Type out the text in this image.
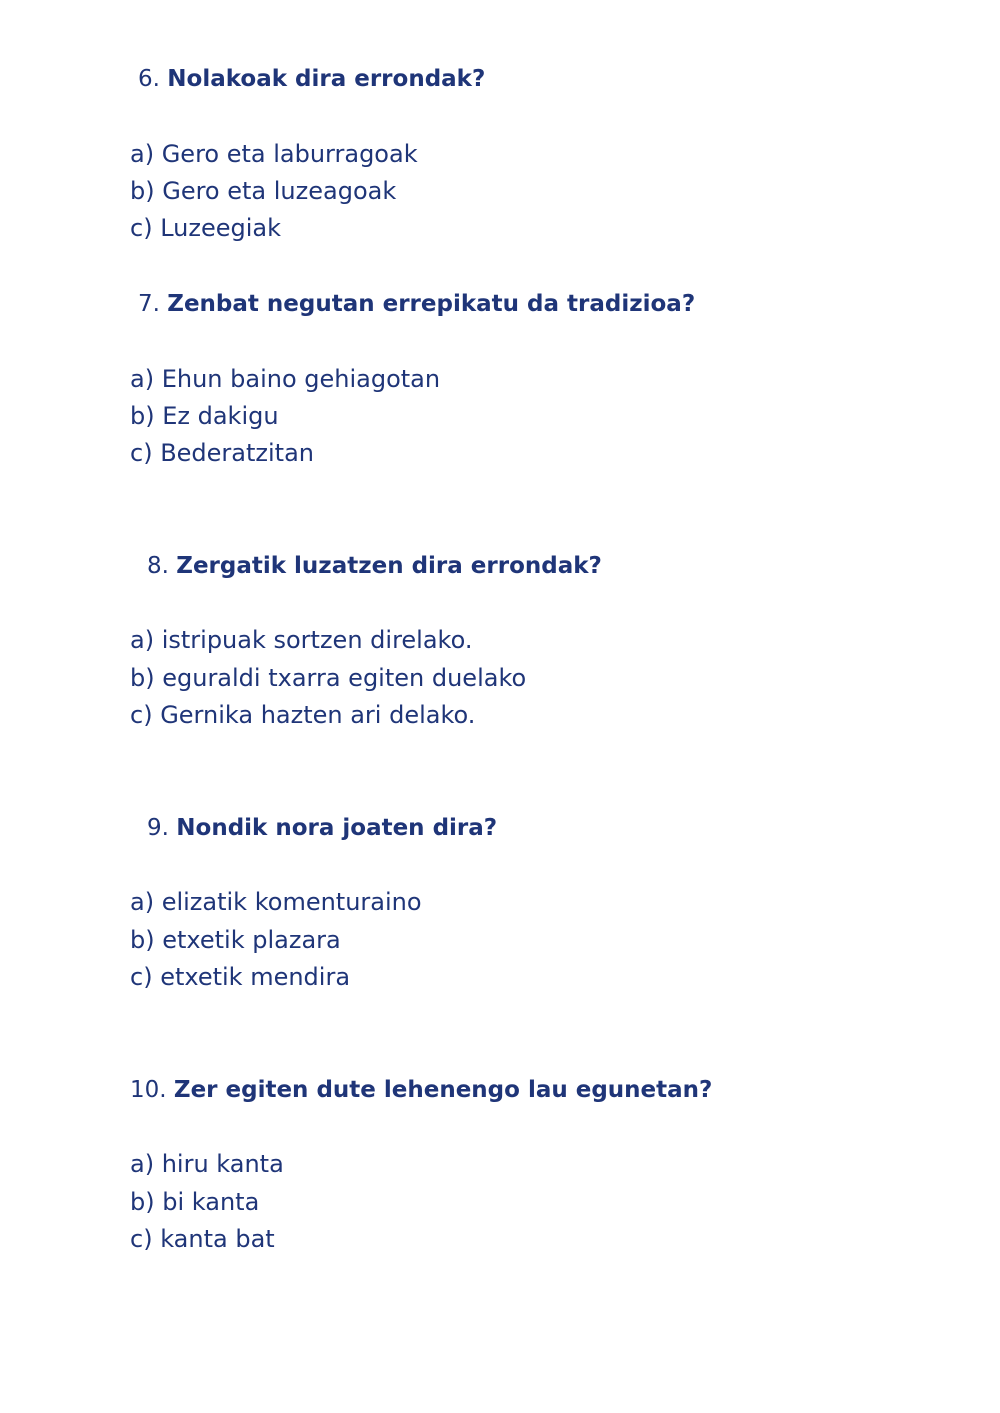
6. Nolakoak dira errondak?
a) Gero eta laburragoak
b) Gero eta luzeagoak
c) Luzeegiak
7. Zenbat negutan errepikatu da tradizioa?
a) Ehun baino gehiagotan
b) Ez dakigu
c) Bederatzitan
8. Zergatik luzatzen dira errondak?
a) istripuak sortzen direlako.
b) eguraldi txarra egiten duelako
c) Gernika hazten ari delako.
9. Nondik nora joaten dira?
a) elizatik komenturaino
b) etxetik plazara
c) etxetik mendira
10. Zer egiten dute lehenengo lau egunetan?
a) hiru kanta
b) bi kanta
c) kanta bat
